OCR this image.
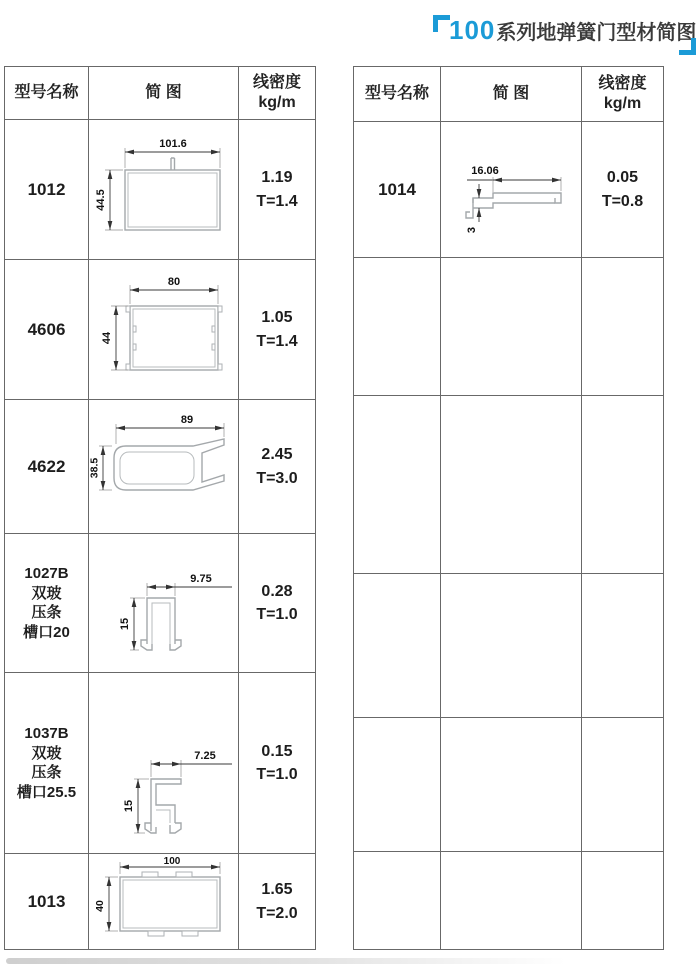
100 系列地弹簧门型材简图
型号名称	简 图
线密度
kg/m
1012
101.6
44.5
1.19
T=1.4
4606
80
44
1.05
T=1.4
4622
89
38.5
2.45
T=3.0
1027B
双玻
压条
槽口20
9.75
15
0.28
T=1.0
1037B
双玻
压条
槽口25.5
7.25
15
0.15
T=1.0
1013
100
40
1.65
T=2.0
型号名称	简 图
线密度
kg/m
1014
16.06
3
0.05
T=0.8
